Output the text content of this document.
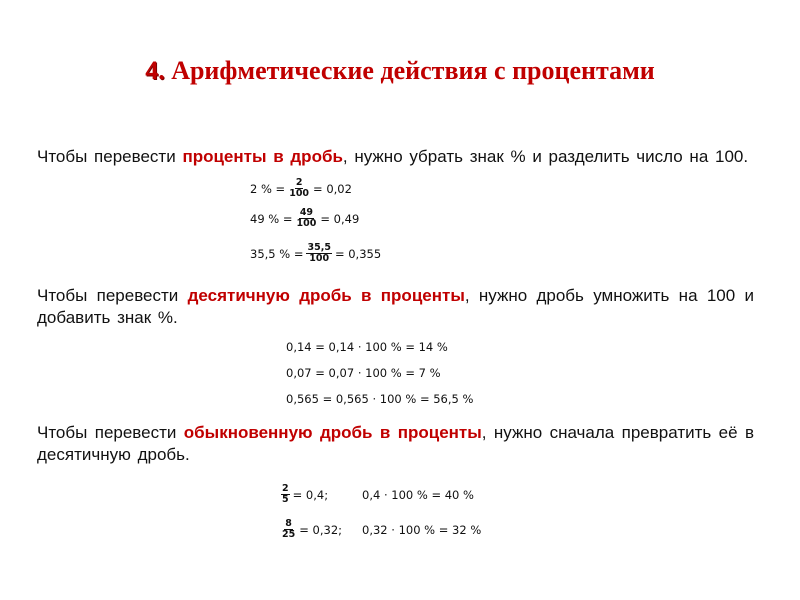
4. Арифметические действия с процентами
Чтобы перевести проценты в дробь, нужно убрать знак % и разделить число на 100.
2 % = $\frac{2}{100} = 0,02$
49 % = $\frac{49}{100} = 0,49$
35,5 % = $\frac{35,5}{100} = 0,355$
Чтобы перевести десятичную дробь в проценты, нужно дробь умножить на 100 и добавить знак %.
0,14 = 0,14 · 100 % = 14 %
0,07 = 0,07 · 100 % = 7 %
0,565 = 0,565 · 100 % = 56,5 %
Чтобы перевести обыкновенную дробь в проценты, нужно сначала превратить её в десятичную дробь.
$\frac{2}{5} = 0,4$;	0,4 · 100 % = 40 %
$\frac{8}{25} = 0,32$; 0,32 · 100 % = 32 %
